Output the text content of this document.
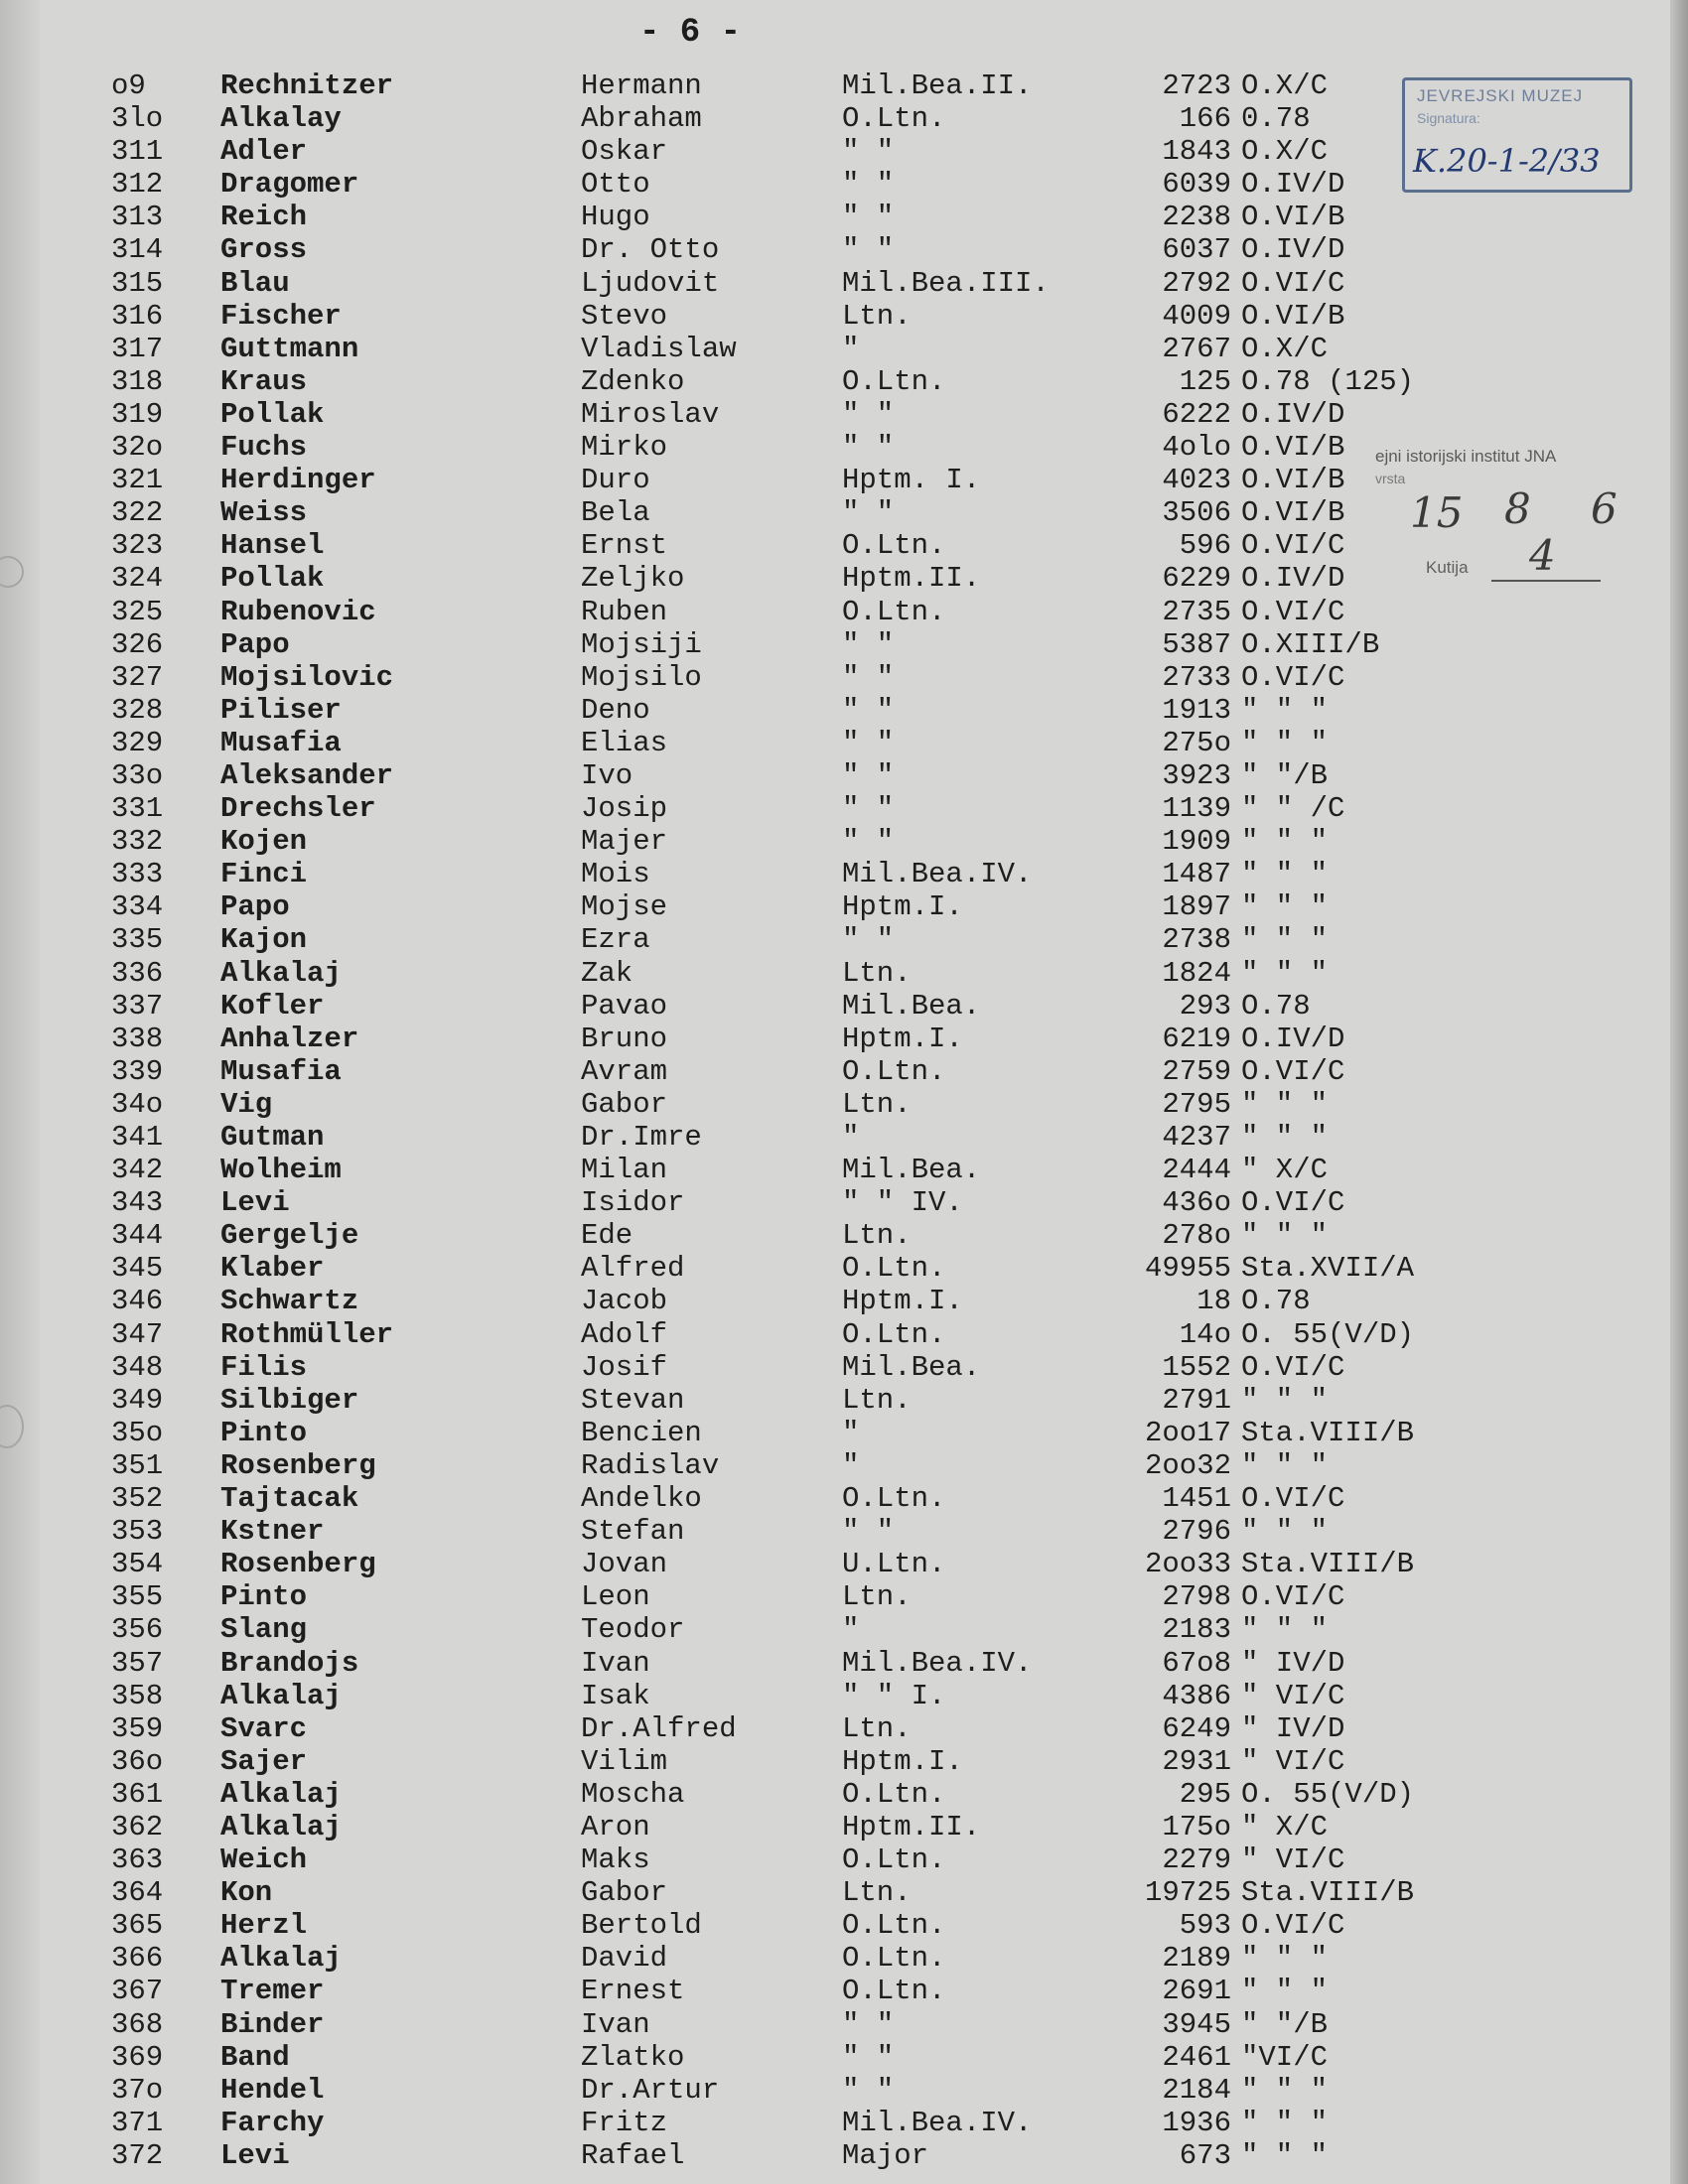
- 6 -
JEVREJSKI MUZEJ
Signatura:
K.20-1-2/33
ejni istorijski institut JNA
vrsta
15 8 6
Kutija 4
o9	Rechnitzer	Hermann	Mil.Bea.II.	2723 O.X/C
3lo	Alkalay	Abraham	O.Ltn.	166 0.78
311	Adler	Oskar	" "	1843 O.X/C
312	Dragomer	Otto	" "	6039 O.IV/D
313	Reich	Hugo	" "	2238 O.VI/B
314	Gross	Dr. Otto	" "	6037 O.IV/D
315	Blau	Ljudovit	Mil.Bea.III.	2792 O.VI/C
316	Fischer	Stevo	Ltn.	4009 O.VI/B
317	Guttmann	Vladislaw	"	2767 O.X/C
318	Kraus	Zdenko	O.Ltn.	125 O.78 (125)
319	Pollak	Miroslav	" "	6222 O.IV/D
32o	Fuchs	Mirko	" "	4olo O.VI/B
321	Herdinger	Duro	Hptm. I.	4023 O.VI/B
322	Weiss	Bela	" "	3506 O.VI/B
323	Hansel	Ernst	O.Ltn.	596 O.VI/C
324	Pollak	Zeljko	Hptm.II.	6229 O.IV/D
325	Rubenovic	Ruben	O.Ltn.	2735 O.VI/C
326	Papo	Mojsiji	" "	5387 O.XIII/B
327	Mojsilovic	Mojsilo	" "	2733 O.VI/C
328	Piliser	Deno	" "	1913 " " "
329	Musafia	Elias	" "	275o " " "
33o	Aleksander	Ivo	" "	3923 " "/B
331	Drechsler	Josip	" "	1139 " " /C
332	Kojen	Majer	" "	1909 " " "
333	Finci	Mois	Mil.Bea.IV.	1487 " " "
334	Papo	Mojse	Hptm.I.	1897 " " "
335	Kajon	Ezra	" "	2738 " " "
336	Alkalaj	Zak	Ltn.	1824 " " "
337	Kofler	Pavao	Mil.Bea.	293 O.78
338	Anhalzer	Bruno	Hptm.I.	6219 O.IV/D
339	Musafia	Avram	O.Ltn.	2759 O.VI/C
34o	Vig	Gabor	Ltn.	2795 " " "
341	Gutman	Dr.Imre	"	4237 " " "
342	Wolheim	Milan	Mil.Bea.	2444 " X/C
343	Levi	Isidor	" " IV.	436o O.VI/C
344	Gergelje	Ede	Ltn.	278o " " "
345	Klaber	Alfred	O.Ltn.	49955 Sta.XVII/A
346	Schwartz	Jacob	Hptm.I.	18 O.78
347	Rothmüller	Adolf	O.Ltn.	14o O. 55(V/D)
348	Filis	Josif	Mil.Bea.	1552 O.VI/C
349	Silbiger	Stevan	Ltn.	2791 " " "
35o	Pinto	Bencien	"	2oo17 Sta.VIII/B
351	Rosenberg	Radislav	"	2oo32 " " "
352	Tajtacak	Andelko	O.Ltn.	1451 O.VI/C
353	Kstner	Stefan	" "	2796 " " "
354	Rosenberg	Jovan	U.Ltn.	2oo33 Sta.VIII/B
355	Pinto	Leon	Ltn.	2798 O.VI/C
356	Slang	Teodor	"	2183 " " "
357	Brandojs	Ivan	Mil.Bea.IV.	67o8 " IV/D
358	Alkalaj	Isak	" " I.	4386 " VI/C
359	Svarc	Dr.Alfred	Ltn.	6249 " IV/D
36o	Sajer	Vilim	Hptm.I.	2931 " VI/C
361	Alkalaj	Moscha	O.Ltn.	295 O. 55(V/D)
362	Alkalaj	Aron	Hptm.II.	175o " X/C
363	Weich	Maks	O.Ltn.	2279 " VI/C
364	Kon	Gabor	Ltn.	19725 Sta.VIII/B
365	Herzl	Bertold	O.Ltn.	593 O.VI/C
366	Alkalaj	David	O.Ltn.	2189 " " "
367	Tremer	Ernest	O.Ltn.	2691 " " "
368	Binder	Ivan	" "	3945 " "/B
369	Band	Zlatko	" "	2461 "VI/C
37o	Hendel	Dr.Artur	" "	2184 " " "
371	Farchy	Fritz	Mil.Bea.IV.	1936 " " "
372	Levi	Rafael	Major	673 " " "
